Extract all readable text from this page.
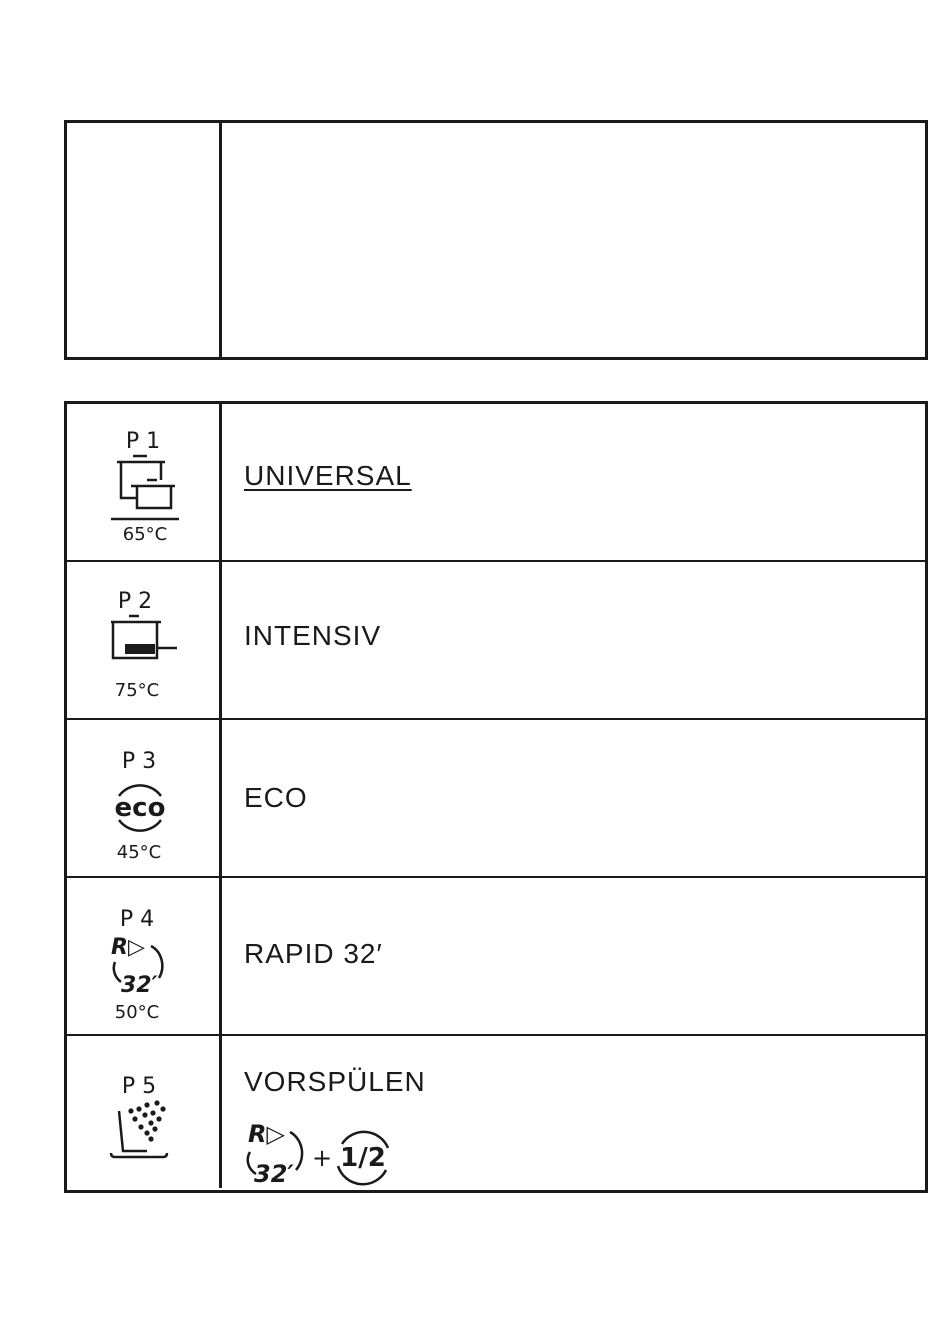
P 1
65°C
UNIVERSAL
P 2
75°C
INTENSIV
P 3
eco
45°C
ECO
P 4
R▷
32′
50°C
RAPID 32′
P 5	VORSPÜLEN
R▷
32′
+ 1/2
